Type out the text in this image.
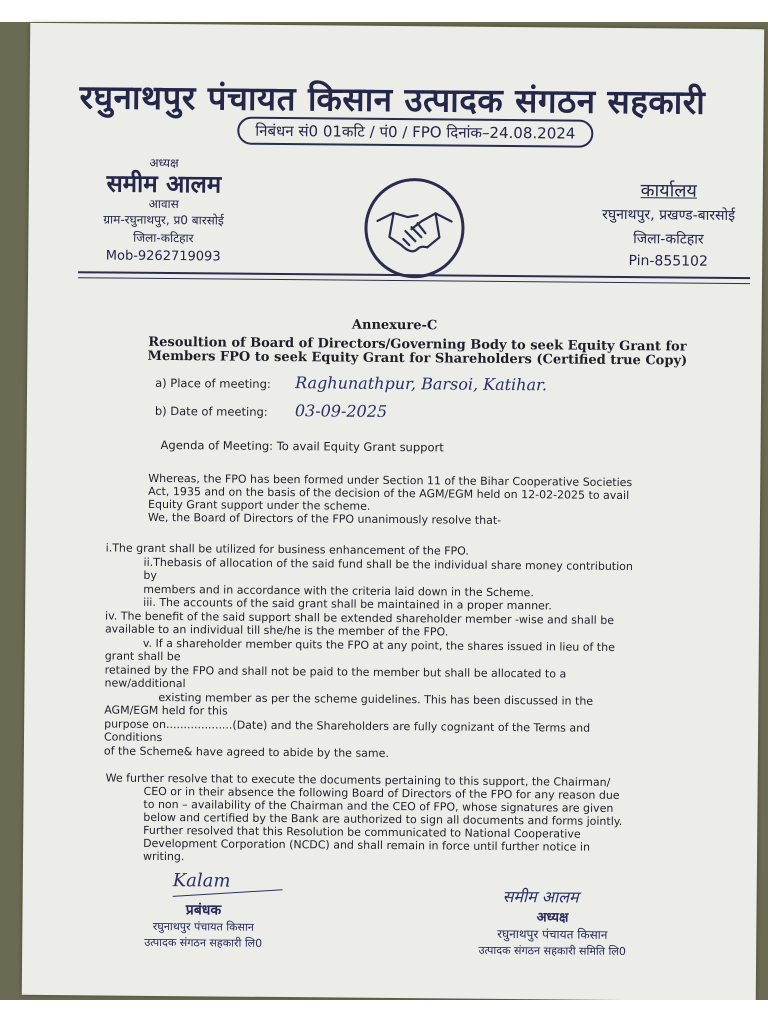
रघुनाथपुर पंचायत किसान उत्पादक संगठन सहकारी
निबंधन सं0 01कटि / पं0 / FPO दिनांक–24.08.2024
अध्यक्ष
समीम आलम
आवास
ग्राम-रघुनाथपुर, प्र0 बारसोई
जिला-कटिहार
Mob-9262719093
कार्यालय
रघुनाथपुर, प्रखण्ड-बारसोई
जिला-कटिहार
Pin-855102
Annexure-C
Resoultion of Board of Directors/Governing Body to seek Equity Grant for
Members FPO to seek Equity Grant for Shareholders (Certified true Copy)
a) Place of meeting: Raghunathpur, Barsoi, Katihar.
b) Date of meeting: 03-09-2025
Agenda of Meeting: To avail Equity Grant support
Whereas, the FPO has been formed under Section 11 of the Bihar Cooperative Societies
Act, 1935 and on the basis of the decision of the AGM/EGM held on 12-02-2025 to avail
Equity Grant support under the scheme.
We, the Board of Directors of the FPO unanimously resolve that-
i.The grant shall be utilized for business enhancement of the FPO.
ii.Thebasis of allocation of the said fund shall be the individual share money contribution
by
members and in accordance with the criteria laid down in the Scheme.
iii. The accounts of the said grant shall be maintained in a proper manner.
iv. The benefit of the said support shall be extended shareholder member -wise and shall be
available to an individual till she/he is the member of the FPO.
v. If a shareholder member quits the FPO at any point, the shares issued in lieu of the
grant shall be
retained by the FPO and shall not be paid to the member but shall be allocated to a
new/additional
existing member as per the scheme guidelines. This has been discussed in the
AGM/EGM held for this
purpose on...................(Date) and the Shareholders are fully cognizant of the Terms and
Conditions
of the Scheme& have agreed to abide by the same.
We further resolve that to execute the documents pertaining to this support, the Chairman/
CEO or in their absence the following Board of Directors of the FPO for any reason due
to non – availability of the Chairman and the CEO of FPO, whose signatures are given
below and certified by the Bank are authorized to sign all documents and forms jointly.
Further resolved that this Resolution be communicated to National Cooperative
Development Corporation (NCDC) and shall remain in force until further notice in
writing.
Kalam
प्रबंधक
रघुनाथपुर पंचायत किसान
उत्पादक संगठन सहकारी लि0
समीम आलम
अध्यक्ष
रघुनाथपुर पंचायत किसान
उत्पादक संगठन सहकारी समिति लि0
